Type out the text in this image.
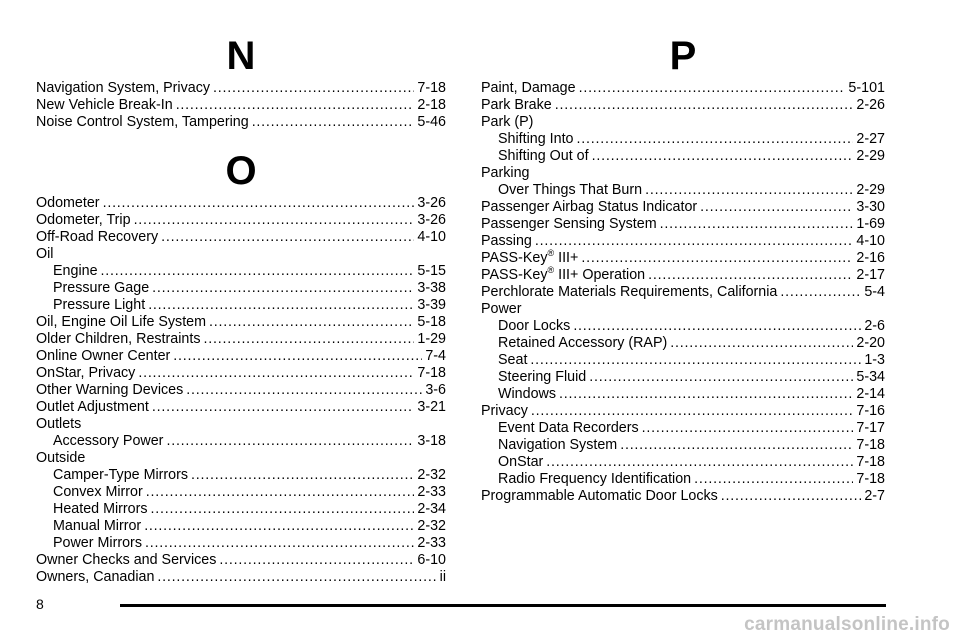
N
Navigation System, Privacy . . .	7-18
New Vehicle Break-In . . .	2-18
Noise Control System, Tampering . . .	5-46
O
Odometer . . .	3-26
Odometer, Trip . . .	3-26
Off-Road Recovery . . .	4-10
Oil
Engine . . .	5-15
Pressure Gage . . .	3-38
Pressure Light . . .	3-39
Oil, Engine Oil Life System . . .	5-18
Older Children, Restraints . . .	1-29
Online Owner Center . . .	7-4
OnStar, Privacy . . .	7-18
Other Warning Devices . . .	3-6
Outlet Adjustment . . .	3-21
Outlets
Accessory Power . . .	3-18
Outside
Camper-Type Mirrors . . .	2-32
Convex Mirror . . .	2-33
Heated Mirrors . . .	2-34
Manual Mirror . . .	2-32
Power Mirrors . . .	2-33
Owner Checks and Services . . .	6-10
Owners, Canadian . . .	ii
P
Paint, Damage . . .	5-101
Park Brake . . .	2-26
Park (P)
Shifting Into . . .	2-27
Shifting Out of . . .	2-29
Parking
Over Things That Burn . . .	2-29
Passenger Airbag Status Indicator . . .	3-30
Passenger Sensing System . . .	1-69
Passing . . .	4-10
PASS-Key® III+ . . .	2-16
PASS-Key® III+ Operation . . .	2-17
Perchlorate Materials Requirements, California . . .	5-4
Power
Door Locks . . .	2-6
Retained Accessory (RAP) . . .	2-20
Seat . . .	1-3
Steering Fluid . . .	5-34
Windows . . .	2-14
Privacy . . .	7-16
Event Data Recorders . . .	7-17
Navigation System . . .	7-18
OnStar . . .	7-18
Radio Frequency Identification . . .	7-18
Programmable Automatic Door Locks . . .	2-7
8
carmanualsonline.info
